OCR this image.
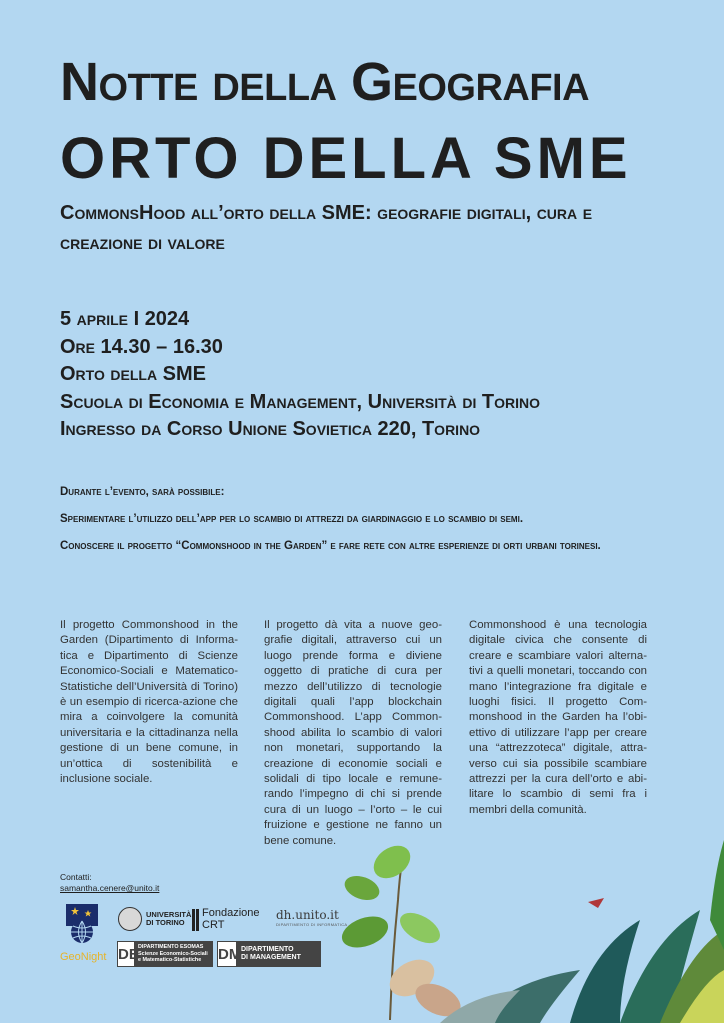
Notte della Geografia
ORTO DELLA SME
CommonsHood all’orto della SME: geografie digitali, cura e creazione di valore
5 aprile I 2024
Ore 14.30 – 16.30
Orto della SME
Scuola di Economia e Management, Università di Torino
Ingresso da Corso Unione Sovietica 220, Torino
Durante l’evento, sarà possibile:
Sperimentare l’utilizzo dell’app per lo scambio di attrezzi da giardinaggio e lo scambio di semi.
Conoscere il progetto “Commonshood in the Garden” e fare rete con altre esperienze di orti urbani torinesi.
Il progetto Commonshood in the Garden (Dipartimento di Informatica e Dipartimento di Scienze Economico-Sociali e Matematico-Statistiche dell’Università di Torino) è un esempio di ricerca-azione che mira a coinvolgere la comunità universitaria e la cittadinanza nella gestione di un bene comune, in un’ottica di sostenibilità e inclusione sociale.
Il progetto dà vita a nuove geografie digitali, attraverso cui un luogo prende forma e diviene oggetto di pratiche di cura per mezzo dell’utilizzo di tecnologie digitali quali l’app blockchain Commonshood. L’app Commonshood abilita lo scambio di valori non monetari, supportando la creazione di economie sociali e solidali di tipo locale e remunerando l’impegno di chi si prende cura di un luogo – l’orto – le cui fruizione e gestione ne fanno un bene comune.
Commonshood è una tecnologia digitale civica che consente di creare e scambiare valori alternativi a quelli monetari, toccando con mano l’integrazione fra digitale e luoghi fisici. Il progetto Commonshood in the Garden ha l’obiettivo di utilizzare l’app per creare una “attrezzoteca” digitale, attraverso cui sia possibile scambiare attrezzi per la cura dell’orto e abilitare lo scambio di semi fra i membri della comunità.
Contatti:
samantha.cenere@unito.it
GeoNight
UNIVERSITÀ
DI TORINO
Fondazione
CRT
dh.unito.it
DIPARTIMENTO DI INFORMATICA
DE DIPARTIMENTO ESOMAS
Scienze Economico-Sociali
e Matematico-Statistiche	DM DIPARTIMENTO
DI MANAGEMENT
